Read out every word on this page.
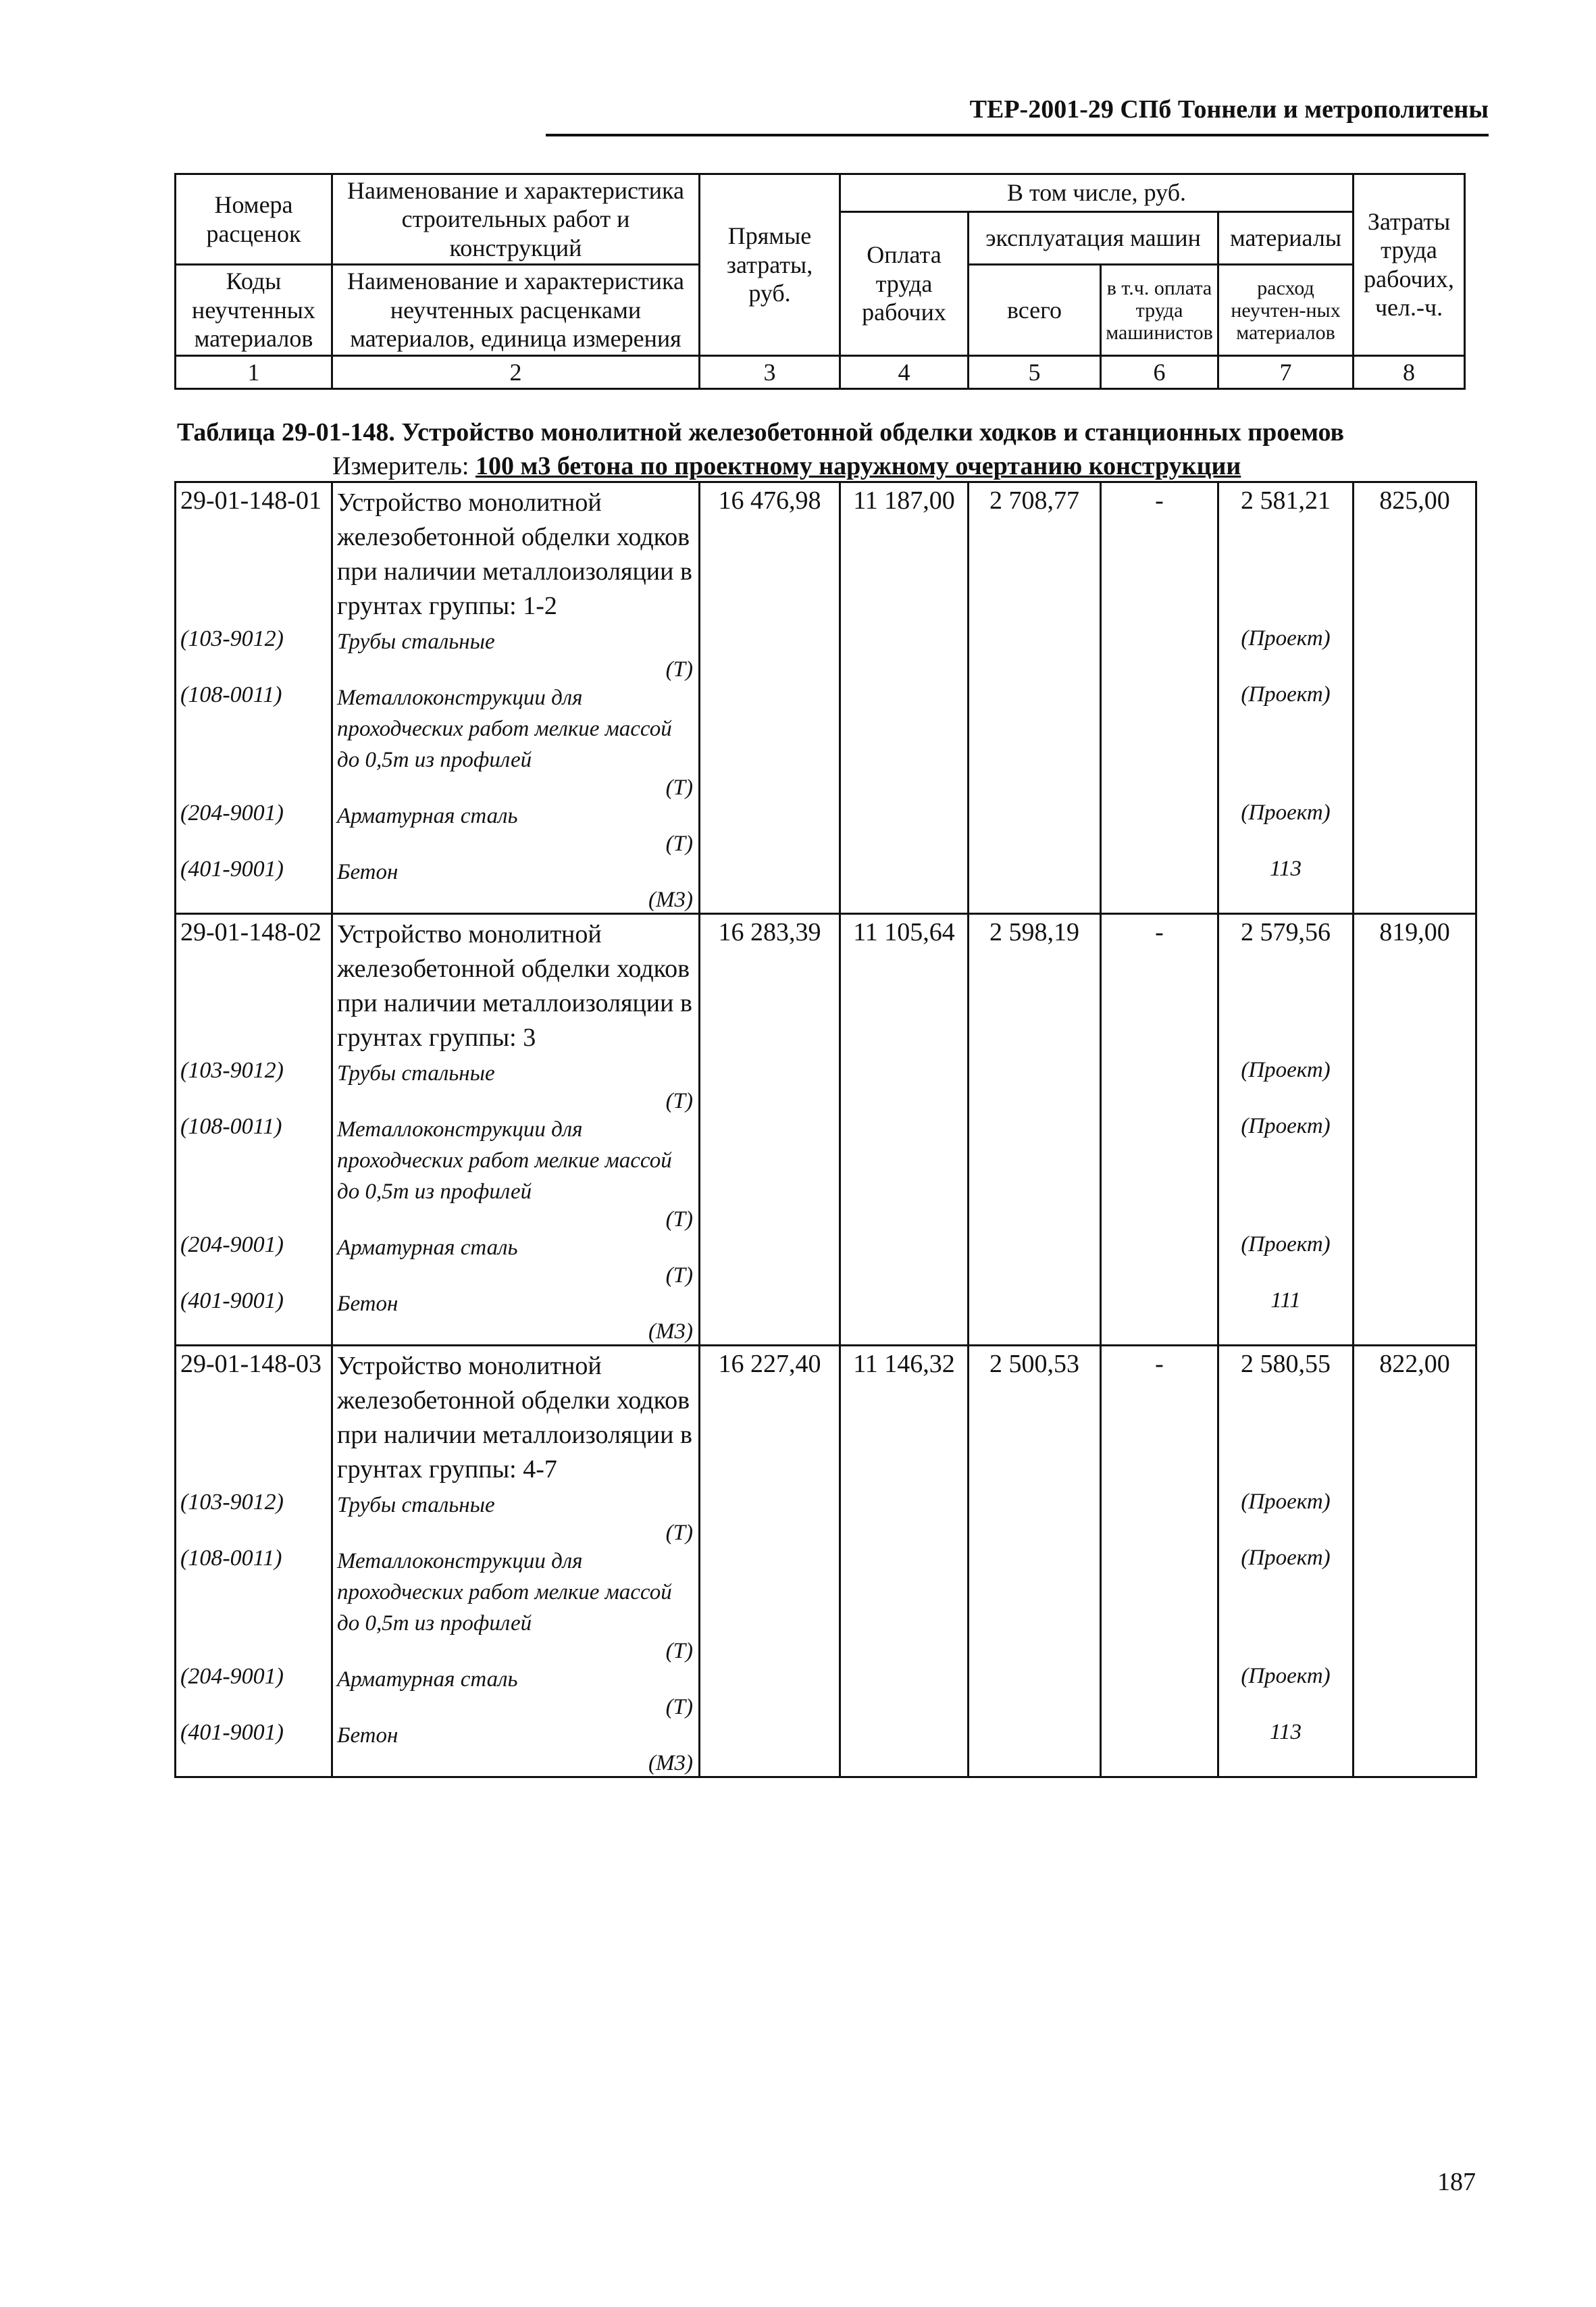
ТЕР-2001-29 СПб Тоннели и метрополитены
Номера расценок	Наименование и характеристика строительных работ и конструкций	Прямые затраты, руб.	В том числе, руб.				Затраты труда рабочих, чел.-ч.
			Оплата труда рабочих	эксплуатация машин		материалы	
Коды неучтенных материалов	Наименование и характеристика неучтенных расценками материалов, единица измерения			всего	в т.ч. оплата труда машинистов	расход неучтен-ных материалов	

1	2	3	4	5	6	7	8
Таблица 29-01-148. Устройство монолитной железобетонной обделки ходков и станционных проемов
Измеритель: 100 м3 бетона по проектному наружному очертанию конструкции
29-01-148-01	Устройство монолитной железобетонной обделки ходков при наличии металлоизоляции в грунтах группы: 1-2	16 476,98	11 187,00	2 708,77	-	2 581,21	825,00
(103-9012)	Трубы стальные
(Т)					(Проект)	
(108-0011)	Металлоконструкции для проходческих работ мелкие массой до 0,5т из профилей
(Т)					(Проект)	
(204-9001)	Арматурная сталь
(Т)					(Проект)	
(401-9001)	Бетон
(М3)					113	
29-01-148-02	Устройство монолитной железобетонной обделки ходков при наличии металлоизоляции в грунтах группы: 3	16 283,39	11 105,64	2 598,19	-	2 579,56	819,00
(103-9012)	Трубы стальные
(Т)					(Проект)	
(108-0011)	Металлоконструкции для проходческих работ мелкие массой до 0,5т из профилей
(Т)					(Проект)	
(204-9001)	Арматурная сталь
(Т)					(Проект)	
(401-9001)	Бетон
(М3)					111	
29-01-148-03	Устройство монолитной железобетонной обделки ходков при наличии металлоизоляции в грунтах группы: 4-7	16 227,40	11 146,32	2 500,53	-	2 580,55	822,00
(103-9012)	Трубы стальные
(Т)					(Проект)	
(108-0011)	Металлоконструкции для проходческих работ мелкие массой до 0,5т из профилей
(Т)					(Проект)	
(204-9001)	Арматурная сталь
(Т)					(Проект)	
(401-9001)	Бетон
(М3)					113	
187
